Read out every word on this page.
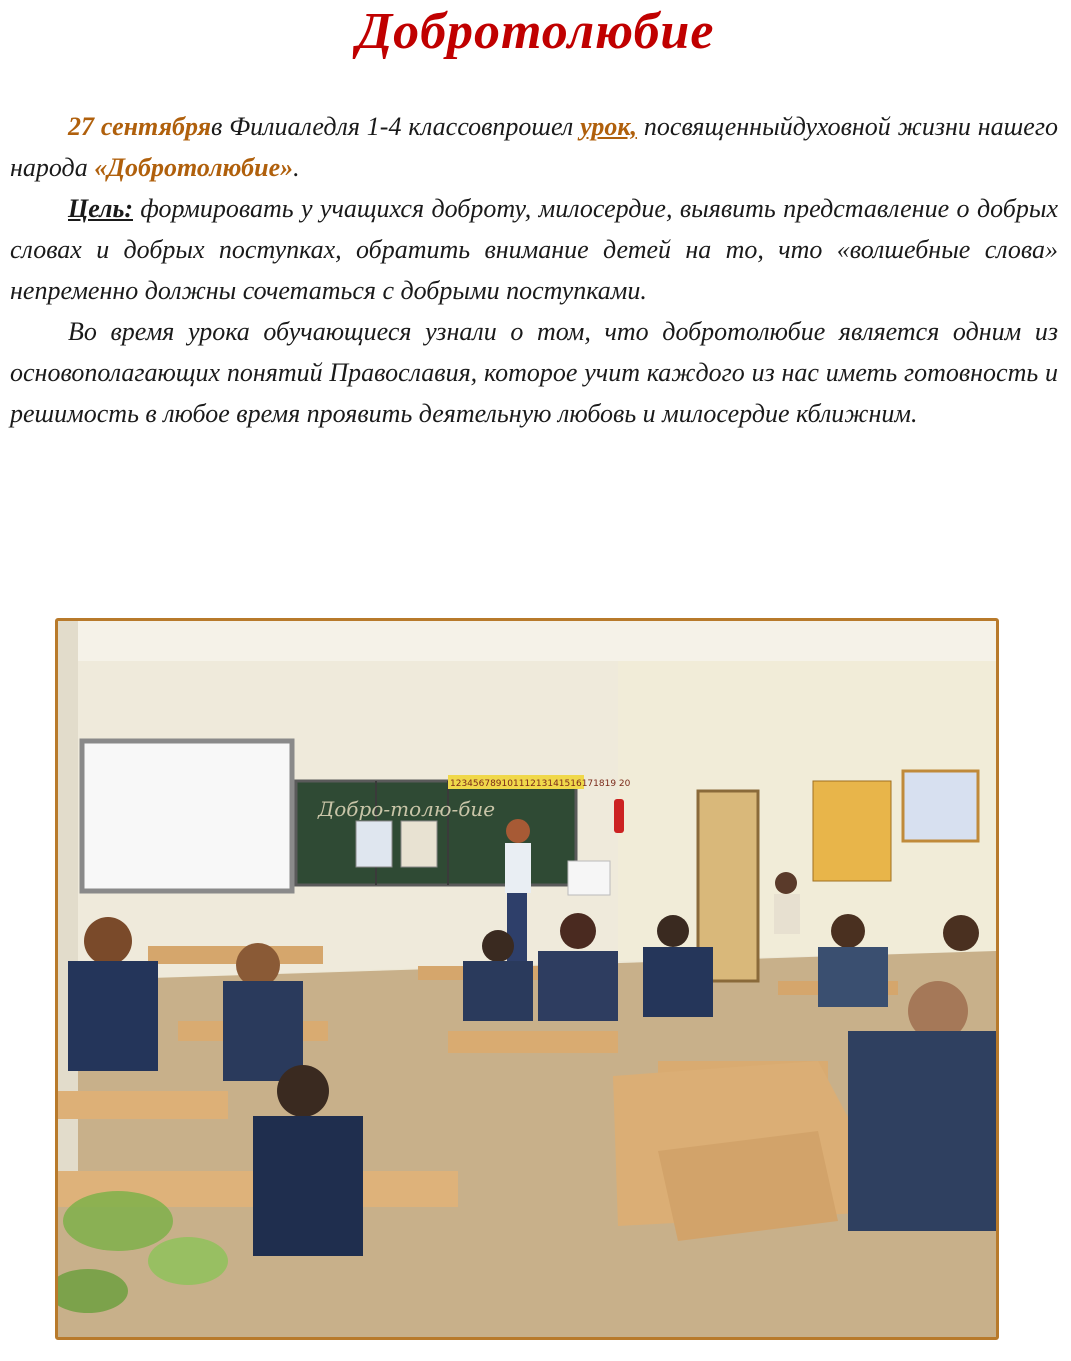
Добротолюбие

27 сентябряв Филиаледля 1-4 классовпрошел урок, посвященныйдуховной жизни нашего народа «Добротолюбие».

Цель: формировать у учащихся доброту, милосердие, выявить представление о добрых словах и добрых поступках, обратить внимание детей на то, что «волшебные слова» непременно должны сочетаться с добрыми поступками.

Во время урока обучающиеся узнали о том, что добротолюбие является одним из основополагающих понятий Православия, которое учит каждого из нас иметь готовность и решимость в любое время проявить деятельную любовь и милосердие кближним.

Добро-толю-бие
12345678910111213141516171819 20
